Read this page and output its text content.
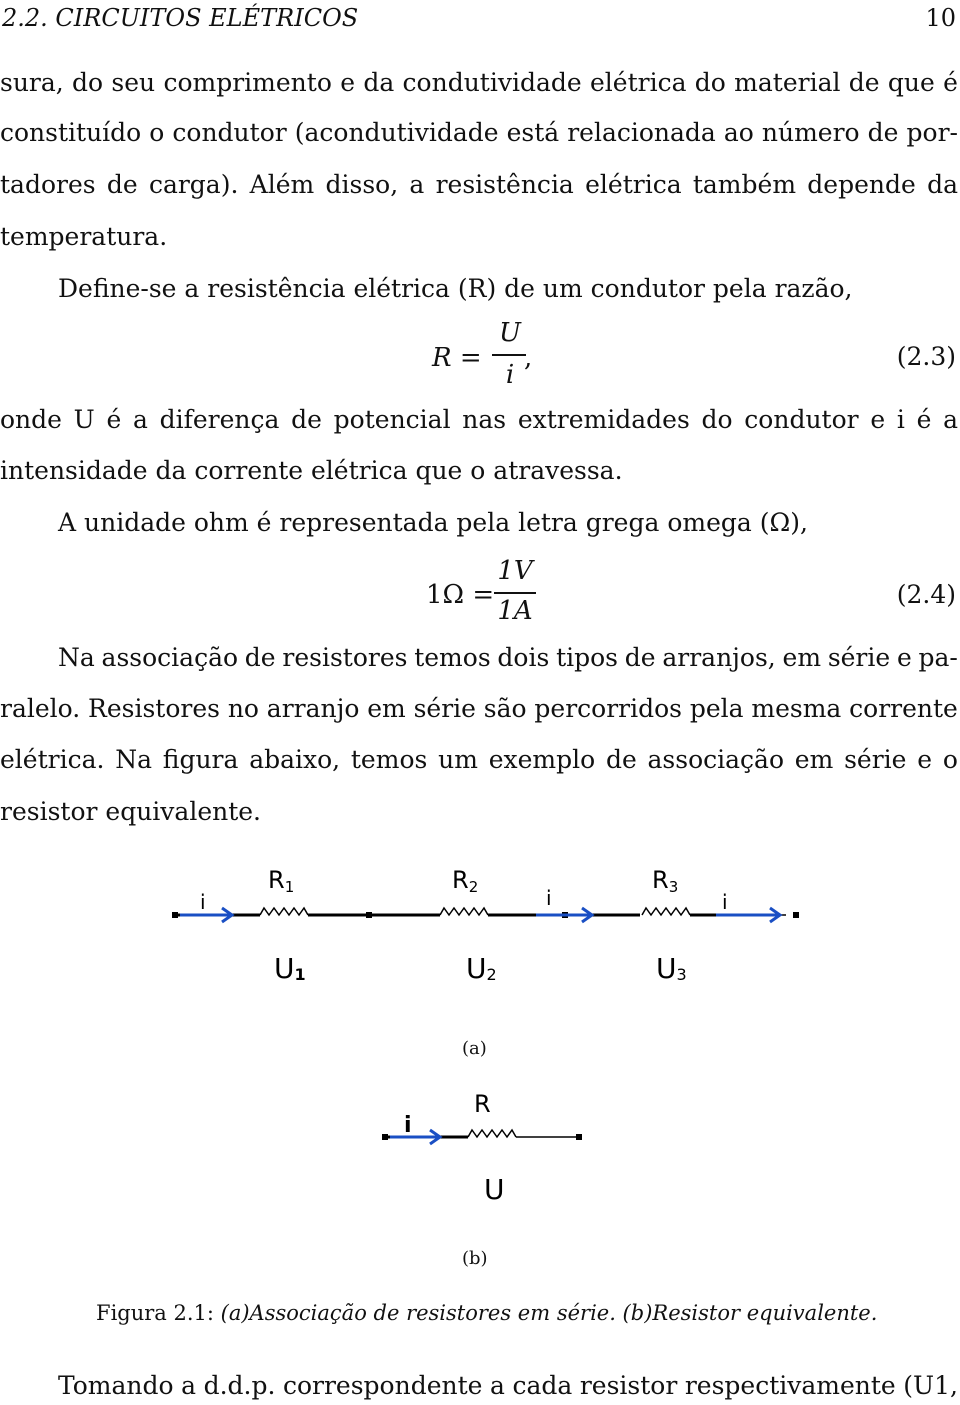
2.2. CIRCUITOS ELÉTRICOS	10
sura, do seu comprimento e da condutividade elétrica do material de que é
constituído o condutor (acondutividade está relacionada ao número de por-
tadores de carga). Além disso, a resistência elétrica também depende da
temperatura.
Define-se a resistência elétrica (R) de um condutor pela razão,
R =
U
i
,	(2.3)
onde U é a diferença de potencial nas extremidades do condutor e i é a
intensidade da corrente elétrica que o atravessa.
A unidade ohm é representada pela letra grega omega (Ω),
1Ω =
1V
1A
(2.4)
Na associação de resistores temos dois tipos de arranjos, em série e pa-
ralelo. Resistores no arranjo em série são percorridos pela mesma corrente
elétrica. Na figura abaixo, temos um exemplo de associação em série e o
resistor equivalente.
i	i	i
R1	R2	R3
U1	U2	U3
(a)
i
R
U
(b)
Figura 2.1: (a)Associação de resistores em série. (b)Resistor equivalente.
Tomando a d.d.p. correspondente a cada resistor respectivamente (U1,
